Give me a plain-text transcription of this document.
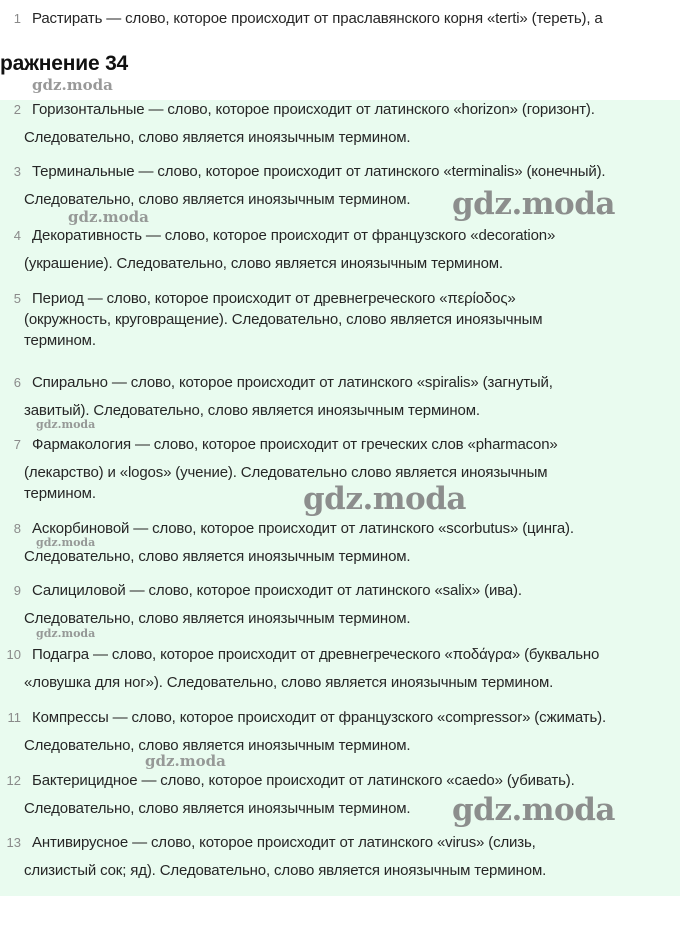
ражнение 34
1 Растирать — слово, которое происходит от праславянского корня «terti» (тереть), а
2 Горизонтальные — слово, которое происходит от латинского «horizon» (горизонт).
Следовательно, слово является иноязычным термином.
3 Терминальные — слово, которое происходит от латинского «terminalis» (конечный).
Следовательно, слово является иноязычным термином.
4 Декоративность — слово, которое происходит от французского «decoration»
(украшение). Следовательно, слово является иноязычным термином.
5 Период — слово, которое происходит от древнегреческого «περίοδος»
(окружность, круговращение). Следовательно, слово является иноязычным
термином.
6 Спирально — слово, которое происходит от латинского «spiralis» (загнутый,
завитый). Следовательно, слово является иноязычным термином.
7 Фармакология — слово, которое происходит от греческих слов «pharmacon»
(лекарство) и «logos» (учение). Следовательно слово является иноязычным
термином.
8 Аскорбиновой — слово, которое происходит от латинского «scorbutus» (цинга).
Следовательно, слово является иноязычным термином.
9 Салициловой — слово, которое происходит от латинского «salix» (ива).
Следовательно, слово является иноязычным термином.
10 Подагра — слово, которое происходит от древнегреческого «ποδάγρα» (буквально
«ловушка для ног»). Следовательно, слово является иноязычным термином.
11 Компрессы — слово, которое происходит от французского «compressor» (сжимать).
Следовательно, слово является иноязычным термином.
12 Бактерицидное — слово, которое происходит от латинского «caedo» (убивать).
Следовательно, слово является иноязычным термином.
13 Антивирусное — слово, которое происходит от латинского «virus» (слизь,
слизистый сок; яд). Следовательно, слово является иноязычным термином.
gdz.moda
gdz.moda
gdz.moda
gdz.moda
gdz.moda
gdz.moda
gdz.moda
gdz.moda
gdz.moda
